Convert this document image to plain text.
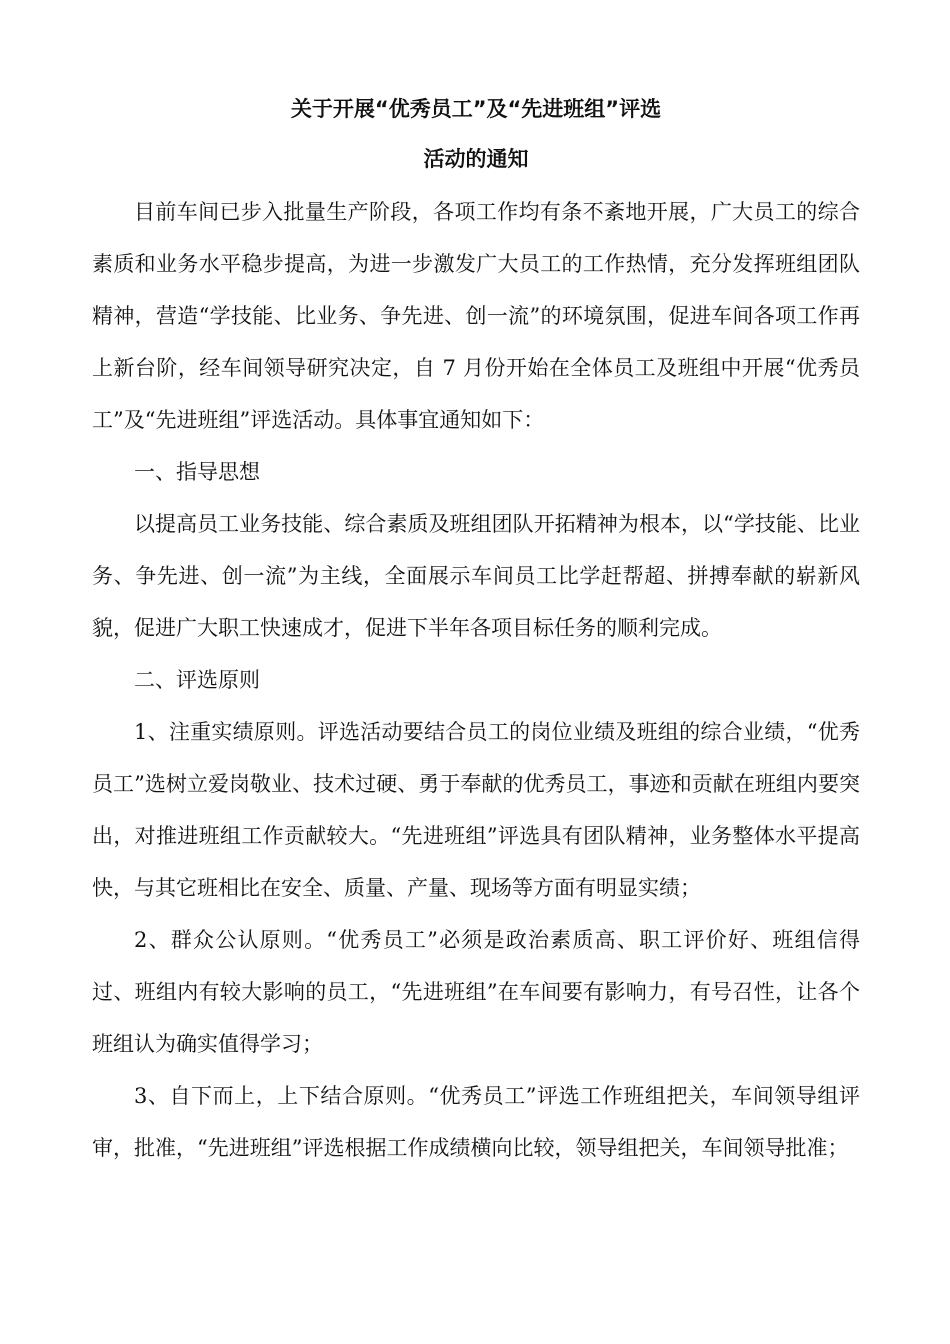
关于开展“优秀员工”及“先进班组”评选
活动的通知

目前车间已步入批量生产阶段，各项工作均有条不紊地开展，广大员工的综合素质和业务水平稳步提高，为进一步激发广大员工的工作热情，充分发挥班组团队精神，营造“学技能、比业务、争先进、创一流”的环境氛围，促进车间各项工作再上新台阶，经车间领导研究决定，自 7 月份开始在全体员工及班组中开展“优秀员工”及“先进班组”评选活动。具体事宜通知如下：

一、指导思想

以提高员工业务技能、综合素质及班组团队开拓精神为根本，以“学技能、比业务、争先进、创一流”为主线，全面展示车间员工比学赶帮超、拼搏奉献的崭新风貌，促进广大职工快速成才，促进下半年各项目标任务的顺利完成。

二、评选原则

1、注重实绩原则。评选活动要结合员工的岗位业绩及班组的综合业绩，“优秀员工”选树立爱岗敬业、技术过硬、勇于奉献的优秀员工，事迹和贡献在班组内要突出，对推进班组工作贡献较大。“先进班组”评选具有团队精神，业务整体水平提高快，与其它班相比在安全、质量、产量、现场等方面有明显实绩；

2、群众公认原则。“优秀员工”必须是政治素质高、职工评价好、班组信得过、班组内有较大影响的员工，“先进班组”在车间要有影响力，有号召性，让各个班组认为确实值得学习；

3、自下而上，上下结合原则。“优秀员工”评选工作班组把关，车间领导组评审，批准，“先进班组”评选根据工作成绩横向比较，领导组把关，车间领导批准；
